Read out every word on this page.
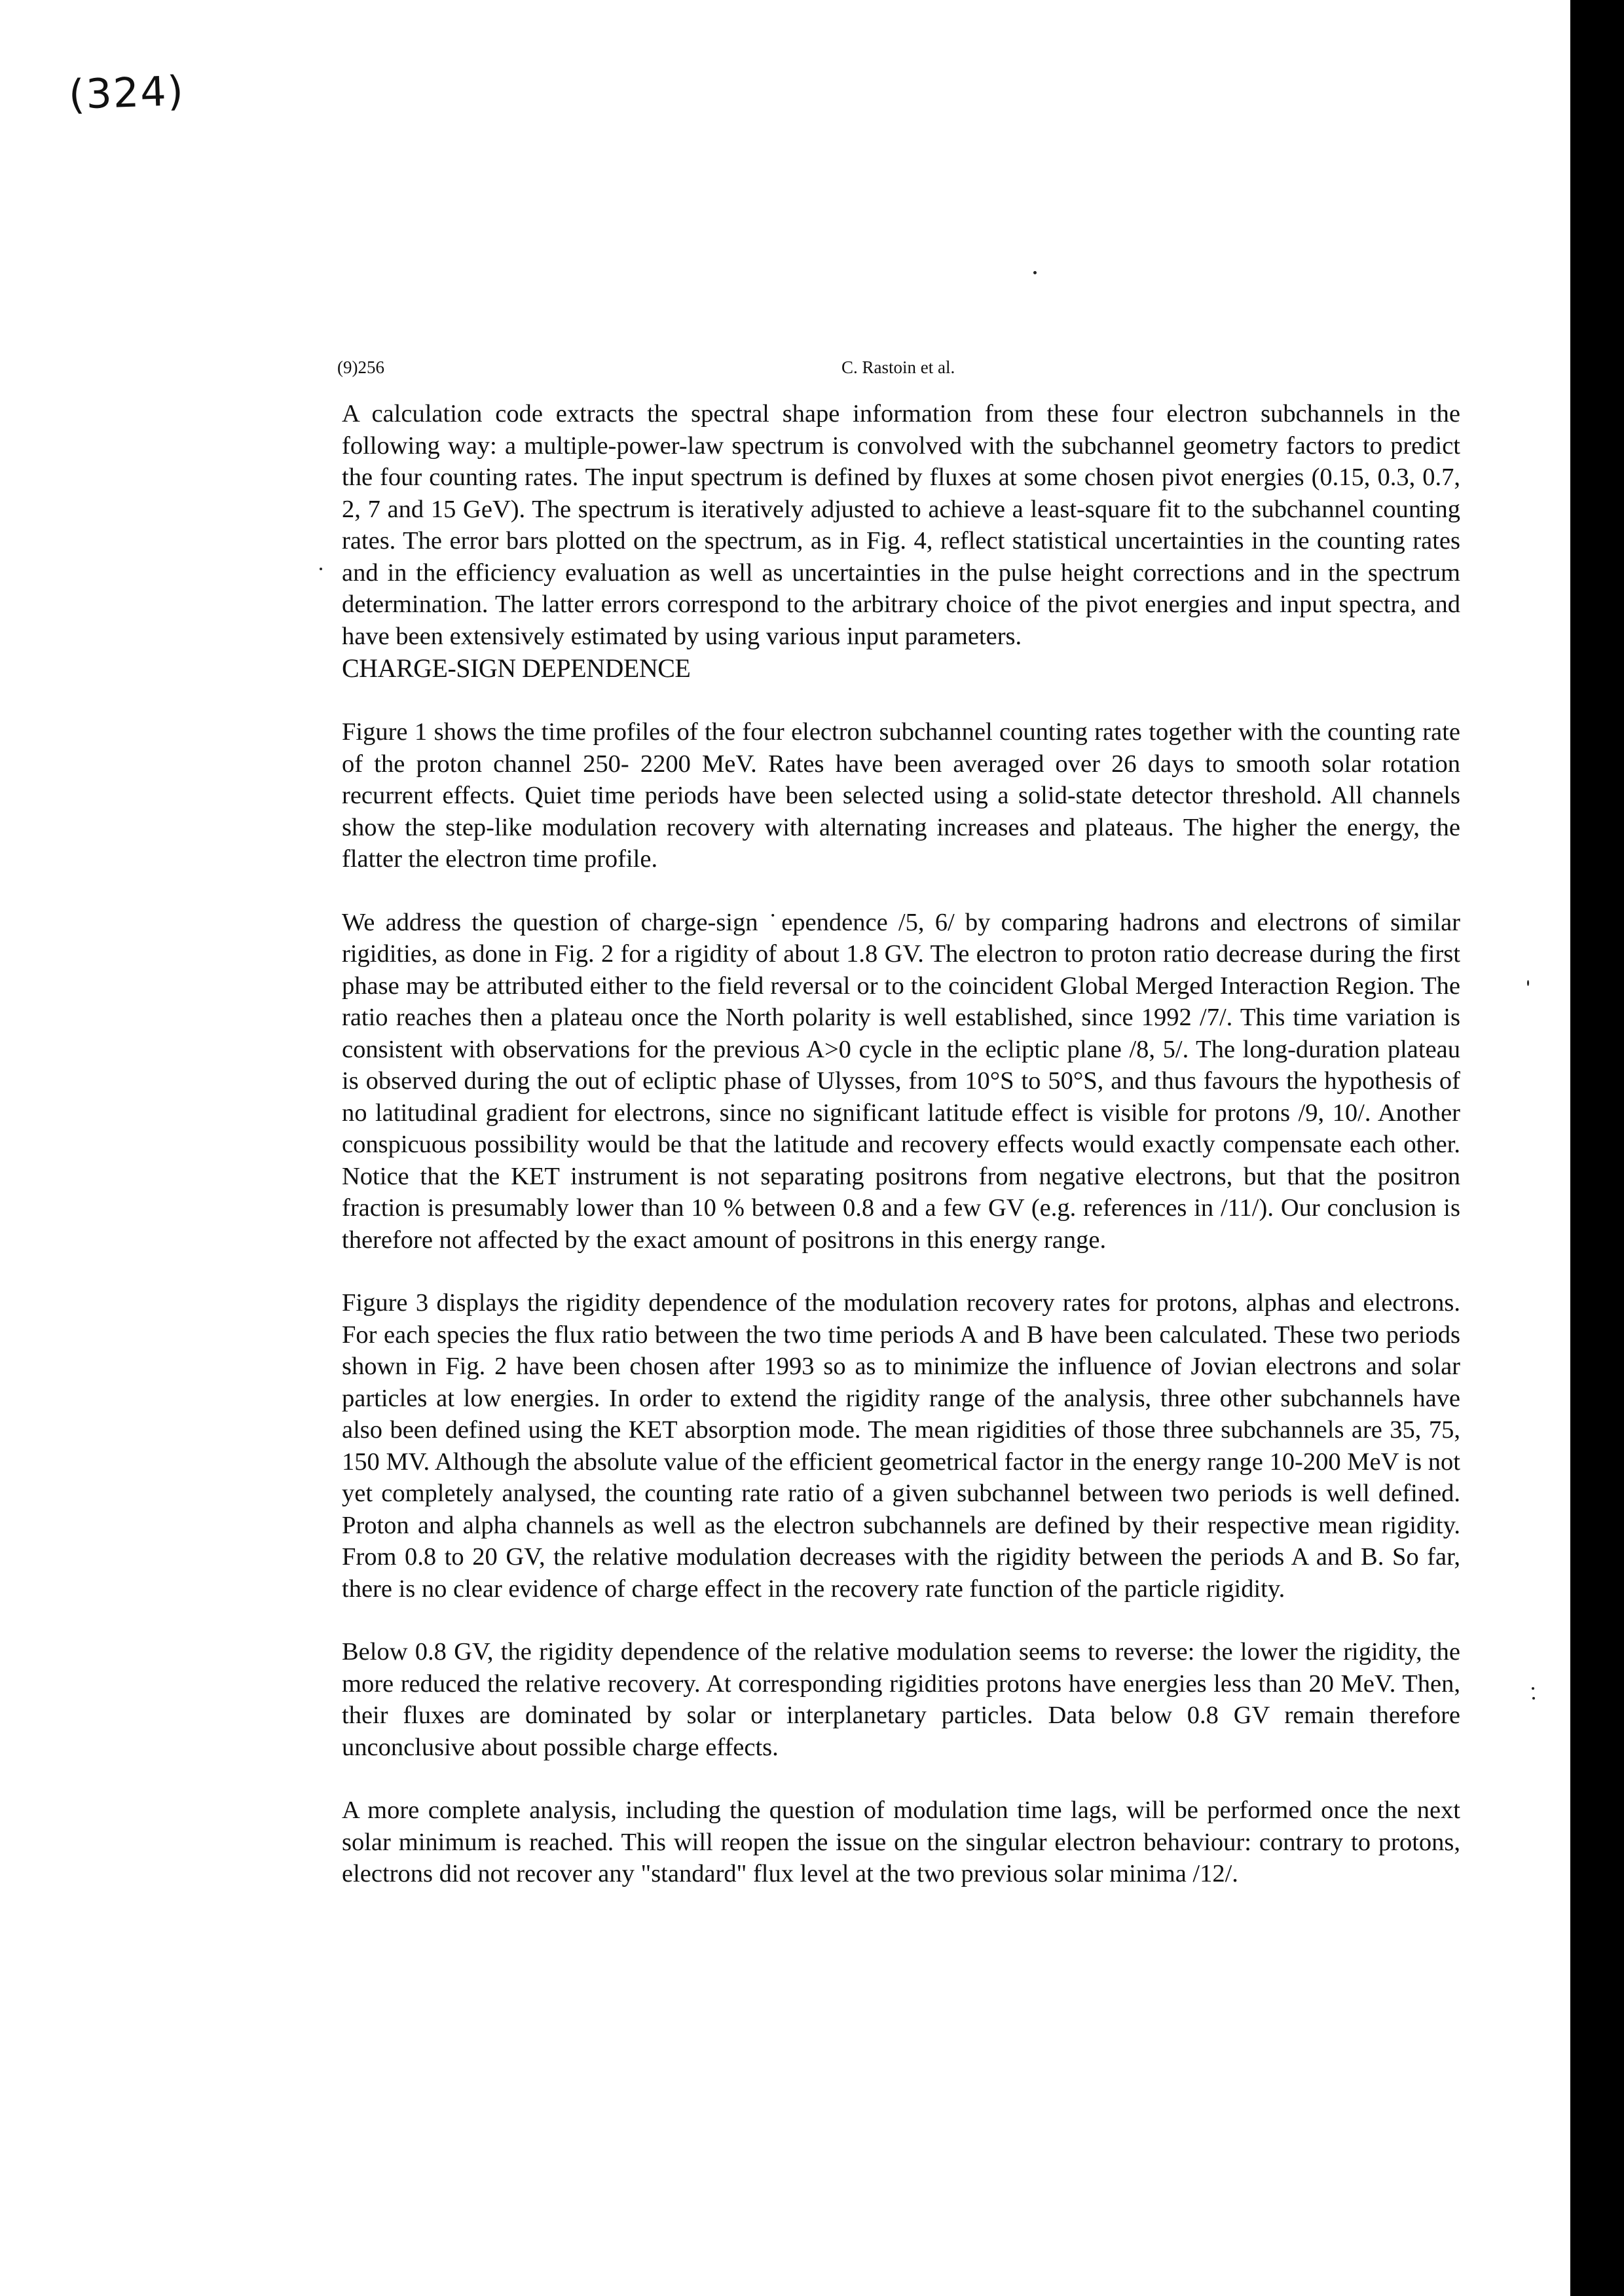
(324)
(9)256	C. Rastoin et al.

A calculation code extracts the spectral shape information from these four electron subchannels in the following way: a multiple-power-law spectrum is convolved with the subchannel geometry factors to predict the four counting rates. The input spectrum is defined by fluxes at some chosen pivot energies (0.15, 0.3, 0.7, 2, 7 and 15 GeV). The spectrum is iteratively adjusted to achieve a least-square fit to the subchannel counting rates. The error bars plotted on the spectrum, as in Fig. 4, reflect statistical uncertainties in the counting rates and in the efficiency evaluation as well as uncertainties in the pulse height corrections and in the spectrum determination. The latter errors correspond to the arbitrary choice of the pivot energies and input spectra, and have been extensively estimated by using various input parameters.

CHARGE-SIGN DEPENDENCE

Figure 1 shows the time profiles of the four electron subchannel counting rates together with the counting rate of the proton channel 250- 2200 MeV. Rates have been averaged over 26 days to smooth solar rotation recurrent effects. Quiet time periods have been selected using a solid-state detector threshold. All channels show the step-like modulation recovery with alternating increases and plateaus. The higher the energy, the flatter the electron time profile.

We address the question of charge-sign ˙ependence /5, 6/ by comparing hadrons and electrons of similar rigidities, as done in Fig. 2 for a rigidity of about 1.8 GV. The electron to proton ratio decrease during the first phase may be attributed either to the field reversal or to the coincident Global Merged Interaction Region. The ratio reaches then a plateau once the North polarity is well established, since 1992 /7/. This time variation is consistent with observations for the previous A>0 cycle in the ecliptic plane /8, 5/. The long-duration plateau is observed during the out of ecliptic phase of Ulysses, from 10°S to 50°S, and thus favours the hypothesis of no latitudinal gradient for electrons, since no significant latitude effect is visible for protons /9, 10/. Another conspicuous possibility would be that the latitude and recovery effects would exactly compensate each other. Notice that the KET instrument is not separating positrons from negative electrons, but that the positron fraction is presumably lower than 10 % between 0.8 and a few GV (e.g. references in /11/). Our conclusion is therefore not affected by the exact amount of positrons in this energy range.

Figure 3 displays the rigidity dependence of the modulation recovery rates for protons, alphas and electrons. For each species the flux ratio between the two time periods A and B have been calculated. These two periods shown in Fig. 2 have been chosen after 1993 so as to minimize the influence of Jovian electrons and solar particles at low energies. In order to extend the rigidity range of the analysis, three other subchannels have also been defined using the KET absorption mode. The mean rigidities of those three subchannels are 35, 75, 150 MV. Although the absolute value of the efficient geometrical factor in the energy range 10-200 MeV is not yet completely analysed, the counting rate ratio of a given subchannel between two periods is well defined. Proton and alpha channels as well as the electron subchannels are defined by their respective mean rigidity. From 0.8 to 20 GV, the relative modulation decreases with the rigidity between the periods A and B. So far, there is no clear evidence of charge effect in the recovery rate function of the particle rigidity.

Below 0.8 GV, the rigidity dependence of the relative modulation seems to reverse: the lower the rigidity, the more reduced the relative recovery. At corresponding rigidities protons have energies less than 20 MeV. Then, their fluxes are dominated by solar or interplanetary particles. Data below 0.8 GV remain therefore unconclusive about possible charge effects.

A more complete analysis, including the question of modulation time lags, will be performed once the next solar minimum is reached. This will reopen the issue on the singular electron behaviour: contrary to protons, electrons did not recover any "standard" flux level at the two previous solar minima /12/.
